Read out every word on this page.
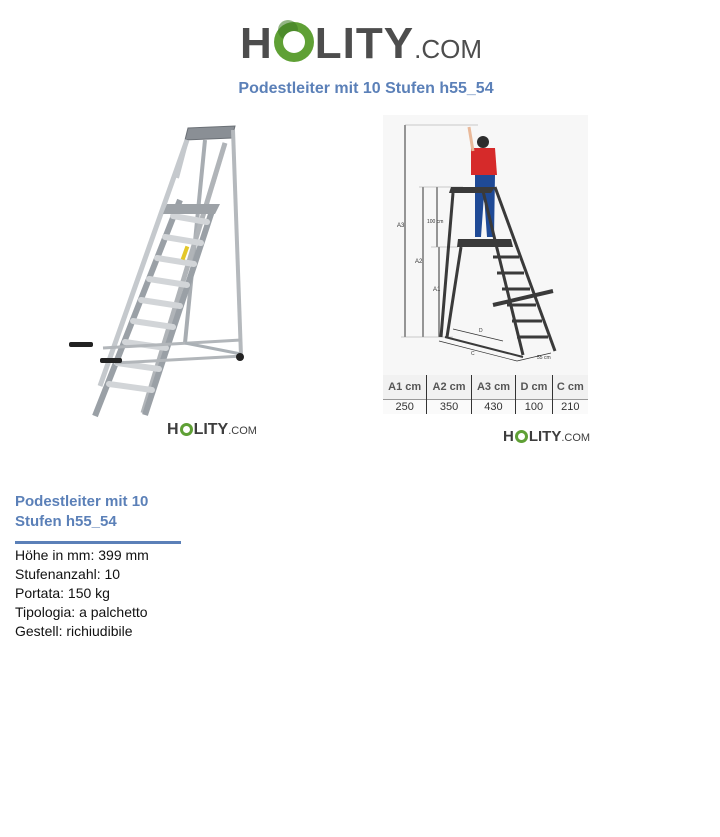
H LITY.COM
Podestleiter mit 10 Stufen h55_54
H LITY.COM
A3
A2
100 cm
A1
D
C
55 cm
A1 cm	A2 cm	A3 cm	D cm	C cm
250	350	430	100	210
H LITY.COM
Podestleiter mit 10 Stufen h55_54
Höhe in mm: 399 mm
Stufenanzahl: 10
Portata: 150 kg
Tipologia: a palchetto
Gestell: richiudibile
